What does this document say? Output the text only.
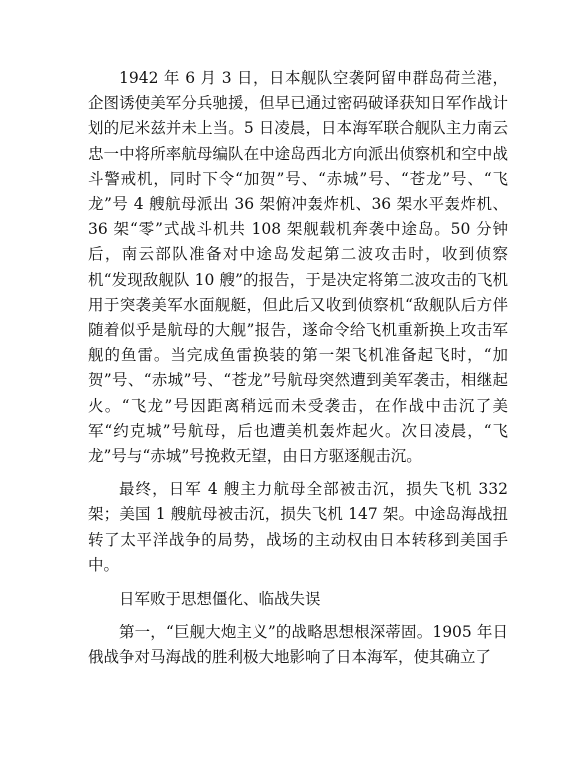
1942 年 6 月 3 日，日本舰队空袭阿留申群岛荷兰港，企图诱使美军分兵驰援，但早已通过密码破译获知日军作战计划的尼米兹并未上当。5 日凌晨，日本海军联合舰队主力南云忠一中将所率航母编队在中途岛西北方向派出侦察机和空中战斗警戒机，同时下令“加贺”号、“赤城”号、“苍龙”号、“飞龙”号 4 艘航母派出 36 架俯冲轰炸机、36 架水平轰炸机、36 架“零”式战斗机共 108 架舰载机奔袭中途岛。50 分钟后，南云部队准备对中途岛发起第二波攻击时，收到侦察机“发现敌舰队 10 艘”的报告，于是决定将第二波攻击的飞机用于突袭美军水面舰艇，但此后又收到侦察机“敌舰队后方伴随着似乎是航母的大舰”报告，遂命令给飞机重新换上攻击军舰的鱼雷。当完成鱼雷换装的第一架飞机准备起飞时，“加贺”号、“赤城”号、“苍龙”号航母突然遭到美军袭击，相继起火。“飞龙”号因距离稍远而未受袭击，在作战中击沉了美军“约克城”号航母，后也遭美机轰炸起火。次日凌晨，“飞龙”号与“赤城”号挽救无望，由日方驱逐舰击沉。

最终，日军 4 艘主力航母全部被击沉，损失飞机 332 架；美国 1 艘航母被击沉，损失飞机 147 架。中途岛海战扭转了太平洋战争的局势，战场的主动权由日本转移到美国手中。

日军败于思想僵化、临战失误

第一，“巨舰大炮主义”的战略思想根深蒂固。1905 年日俄战争对马海战的胜利极大地影响了日本海军，使其确立了
